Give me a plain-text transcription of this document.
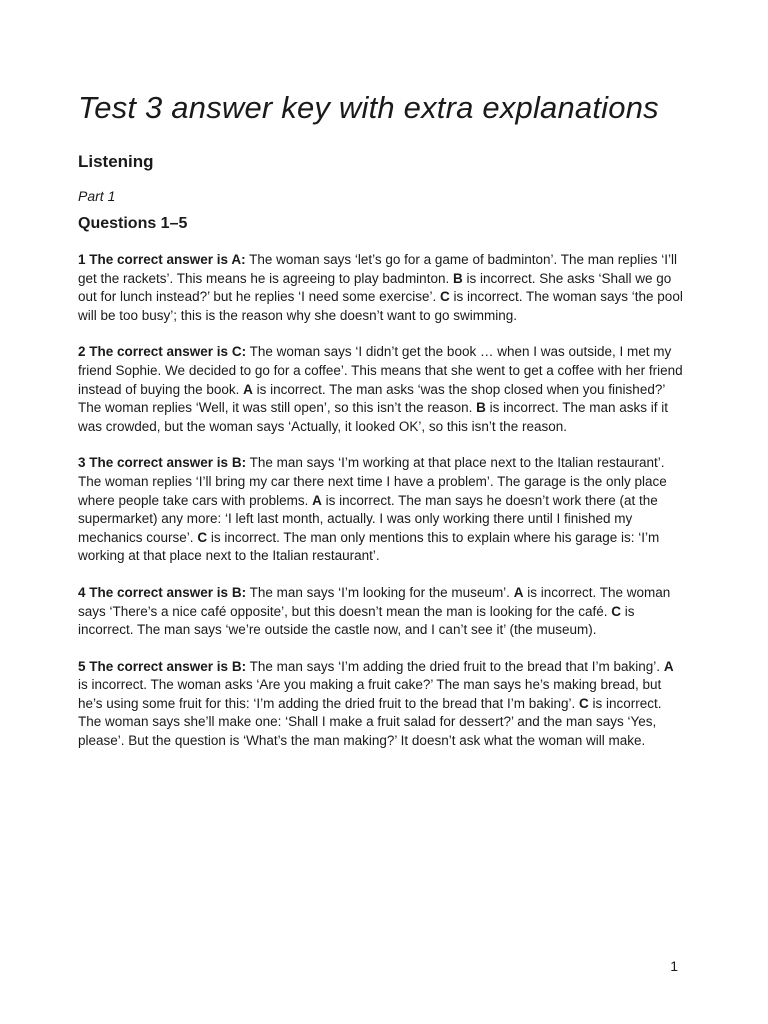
Test 3 answer key with extra explanations
Listening
Part 1
Questions 1–5

1 The correct answer is A: The woman says ‘let’s go for a game of badminton’. The man replies ‘I’ll get the rackets’. This means he is agreeing to play badminton. B is incorrect. She asks ‘Shall we go out for lunch instead?’ but he replies ‘I need some exercise’. C is incorrect. The woman says ‘the pool will be too busy’; this is the reason why she doesn’t want to go swimming.

2 The correct answer is C: The woman says ‘I didn’t get the book … when I was outside, I met my friend Sophie. We decided to go for a coffee’. This means that she went to get a coffee with her friend instead of buying the book. A is incorrect. The man asks ‘was the shop closed when you finished?’ The woman replies ‘Well, it was still open’, so this isn’t the reason. B is incorrect. The man asks if it was crowded, but the woman says ‘Actually, it looked OK’, so this isn’t the reason.

3 The correct answer is B: The man says ‘I’m working at that place next to the Italian restaurant’. The woman replies ‘I’ll bring my car there next time I have a problem’. The garage is the only place where people take cars with problems. A is incorrect. The man says he doesn’t work there (at the supermarket) any more: ‘I left last month, actually. I was only working there until I finished my mechanics course’. C is incorrect. The man only mentions this to explain where his garage is: ‘I’m working at that place next to the Italian restaurant’.

4 The correct answer is B: The man says ‘I’m looking for the museum’. A is incorrect. The woman says ‘There’s a nice café opposite’, but this doesn’t mean the man is looking for the café. C is incorrect. The man says ‘we’re outside the castle now, and I can’t see it’ (the museum).

5 The correct answer is B: The man says ‘I’m adding the dried fruit to the bread that I’m baking’. A is incorrect. The woman asks ‘Are you making a fruit cake?’ The man says he’s making bread, but he’s using some fruit for this: ‘I’m adding the dried fruit to the bread that I’m baking’. C is incorrect. The woman says she’ll make one: ‘Shall I make a fruit salad for dessert?’ and the man says ‘Yes, please’. But the question is ‘What’s the man making?’ It doesn’t ask what the woman will make.

1
